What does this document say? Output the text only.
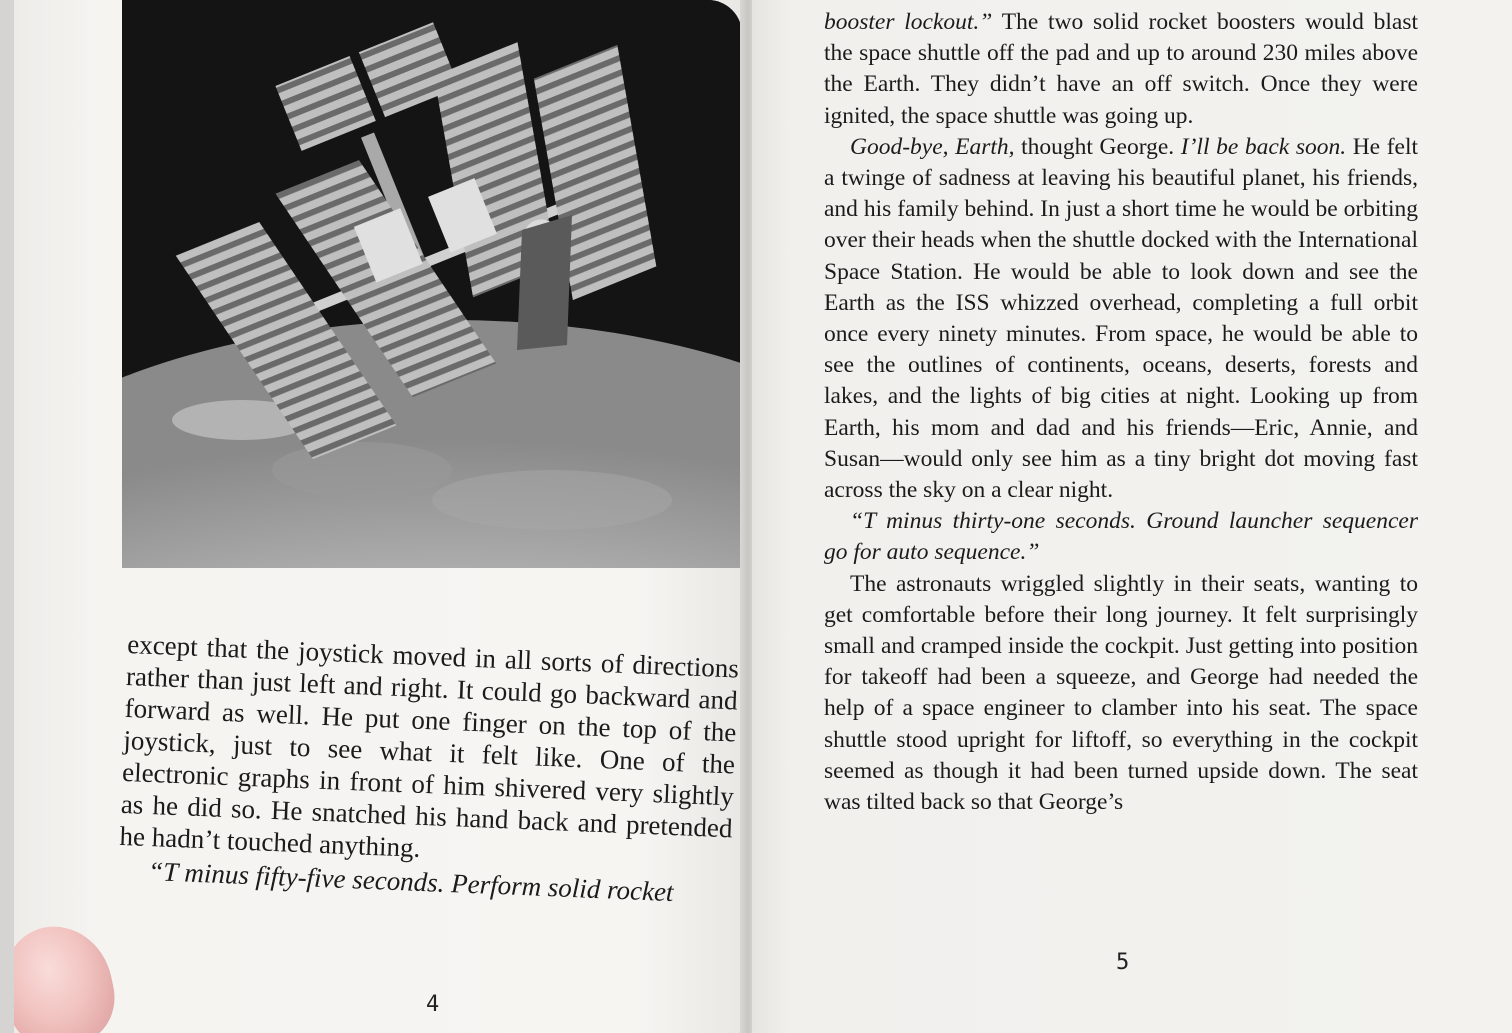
except that the joystick moved in all sorts of directions rather than just left and right. It could go backward and forward as well. He put one finger on the top of the joystick, just to see what it felt like. One of the electronic graphs in front of him shivered very slightly as he did so. He snatched his hand back and pretended he hadn’t touched anything.

“T minus fifty-five seconds. Perform solid rocket

4

booster lockout.” The two solid rocket boosters would blast the space shuttle off the pad and up to around 230 miles above the Earth. They didn’t have an off switch. Once they were ignited, the space shuttle was going up.

Good-bye, Earth, thought George. I’ll be back soon. He felt a twinge of sadness at leaving his beautiful planet, his friends, and his family behind. In just a short time he would be orbiting over their heads when the shuttle docked with the International Space Station. He would be able to look down and see the Earth as the ISS whizzed overhead, completing a full orbit once every ninety minutes. From space, he would be able to see the outlines of continents, oceans, deserts, forests and lakes, and the lights of big cities at night. Looking up from Earth, his mom and dad and his friends—Eric, Annie, and Susan—would only see him as a tiny bright dot moving fast across the sky on a clear night.

“T minus thirty-one seconds. Ground launcher sequencer go for auto sequence.”

The astronauts wriggled slightly in their seats, wanting to get comfortable before their long journey. It felt surprisingly small and cramped inside the cockpit. Just getting into position for takeoff had been a squeeze, and George had needed the help of a space engineer to clamber into his seat. The space shuttle stood upright for liftoff, so everything in the cockpit seemed as though it had been turned upside down. The seat was tilted back so that George’s

5
